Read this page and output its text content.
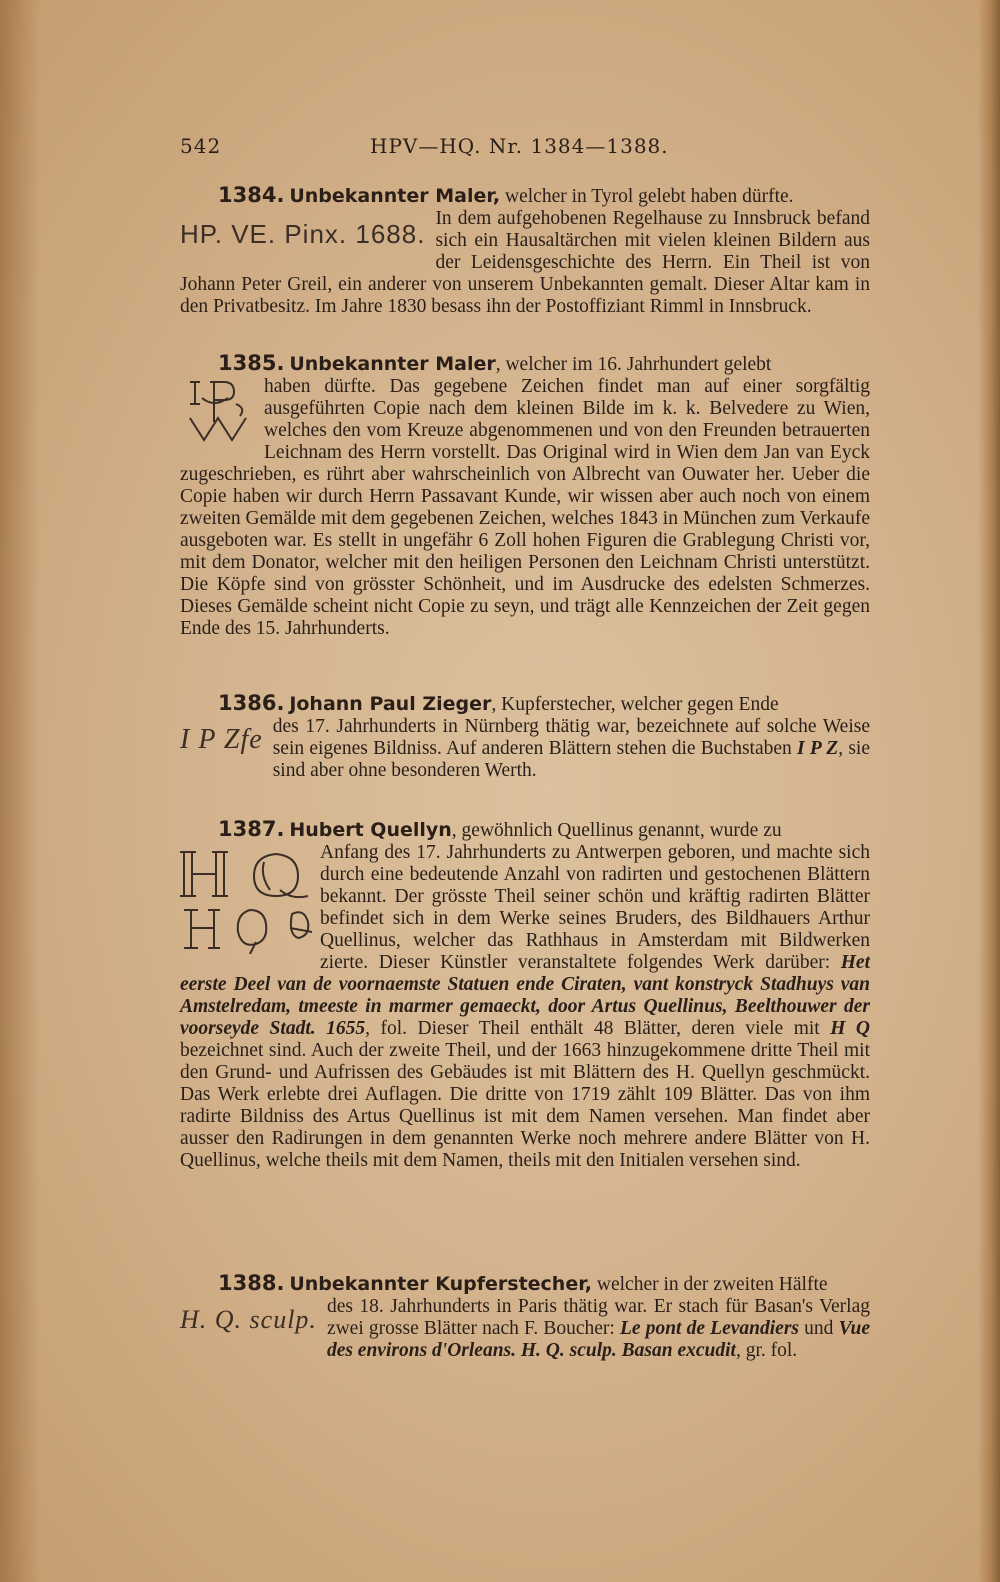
542	HPV—HQ. Nr. 1384—1388.
1384. Unbekannter Maler, welcher in Tyrol gelebt haben dürfte.
HP. VE. Pinx. 1688.
In dem aufgehobenen Regelhause zu Innsbruck befand sich ein Hausaltärchen mit vielen kleinen Bildern aus der Leidensgeschichte des Herrn. Ein Theil ist von Johann Peter Greil, ein anderer von unserem Unbekannten gemalt. Dieser Altar kam in den Privatbesitz. Im Jahre 1830 besass ihn der Postoffiziant Rimml in Innsbruck.
1385. Unbekannter Maler, welcher im 16. Jahrhundert gelebt
haben dürfte. Das gegebene Zeichen findet man auf einer sorgfältig ausgeführten Copie nach dem kleinen Bilde im k. k. Belvedere zu Wien, welches den vom Kreuze abgenommenen und von den Freunden betrauerten Leichnam des Herrn vorstellt. Das Original wird in Wien dem Jan van Eyck zugeschrieben, es rührt aber wahrscheinlich von Albrecht van Ouwater her. Ueber die Copie haben wir durch Herrn Passavant Kunde, wir wissen aber auch noch von einem zweiten Gemälde mit dem gegebenen Zeichen, welches 1843 in München zum Verkaufe ausgeboten war. Es stellt in ungefähr 6 Zoll hohen Figuren die Grablegung Christi vor, mit dem Donator, welcher mit den heiligen Personen den Leichnam Christi unterstützt. Die Köpfe sind von grösster Schönheit, und im Ausdrucke des edelsten Schmerzes. Dieses Gemälde scheint nicht Copie zu seyn, und trägt alle Kennzeichen der Zeit gegen Ende des 15. Jahrhunderts.
1386. Johann Paul Zieger, Kupferstecher, welcher gegen Ende
I P Zfe des 17. Jahrhunderts in Nürnberg thätig war, bezeichnete auf solche Weise sein eigenes Bildniss. Auf anderen Blättern stehen die Buchstaben I P Z, sie sind aber ohne besonderen Werth.
1387. Hubert Quellyn, gewöhnlich Quellinus genannt, wurde zu
Anfang des 17. Jahrhunderts zu Antwerpen geboren, und machte sich durch eine bedeutende Anzahl von radirten und gestochenen Blättern bekannt. Der grösste Theil seiner schön und kräftig radirten Blätter befindet sich in dem Werke seines Bruders, des Bildhauers Arthur Quellinus, welcher das Rathhaus in Amsterdam mit Bildwerken zierte. Dieser Künstler veranstaltete folgendes Werk darüber: Het eerste Deel van de voornaemste Statuen ende Ciraten, vant konstryck Stadhuys van Amstelredam, tmeeste in marmer gemaeckt, door Artus Quellinus, Beelthouwer der voorseyde Stadt. 1655, fol. Dieser Theil enthält 48 Blätter, deren viele mit H Q bezeichnet sind. Auch der zweite Theil, und der 1663 hinzugekommene dritte Theil mit den Grund- und Aufrissen des Gebäudes ist mit Blättern des H. Quellyn geschmückt. Das Werk erlebte drei Auflagen. Die dritte von 1719 zählt 109 Blätter. Das von ihm radirte Bildniss des Artus Quellinus ist mit dem Namen versehen. Man findet aber ausser den Radirungen in dem genannten Werke noch mehrere andere Blätter von H. Quellinus, welche theils mit dem Namen, theils mit den Initialen versehen sind.
1388. Unbekannter Kupferstecher, welcher in der zweiten Hälfte
H. Q. sculp. des 18. Jahrhunderts in Paris thätig war. Er stach für Basan's Verlag zwei grosse Blätter nach F. Boucher: Le pont de Levandiers und Vue des environs d'Orleans. H. Q. sculp. Basan excudit, gr. fol.
